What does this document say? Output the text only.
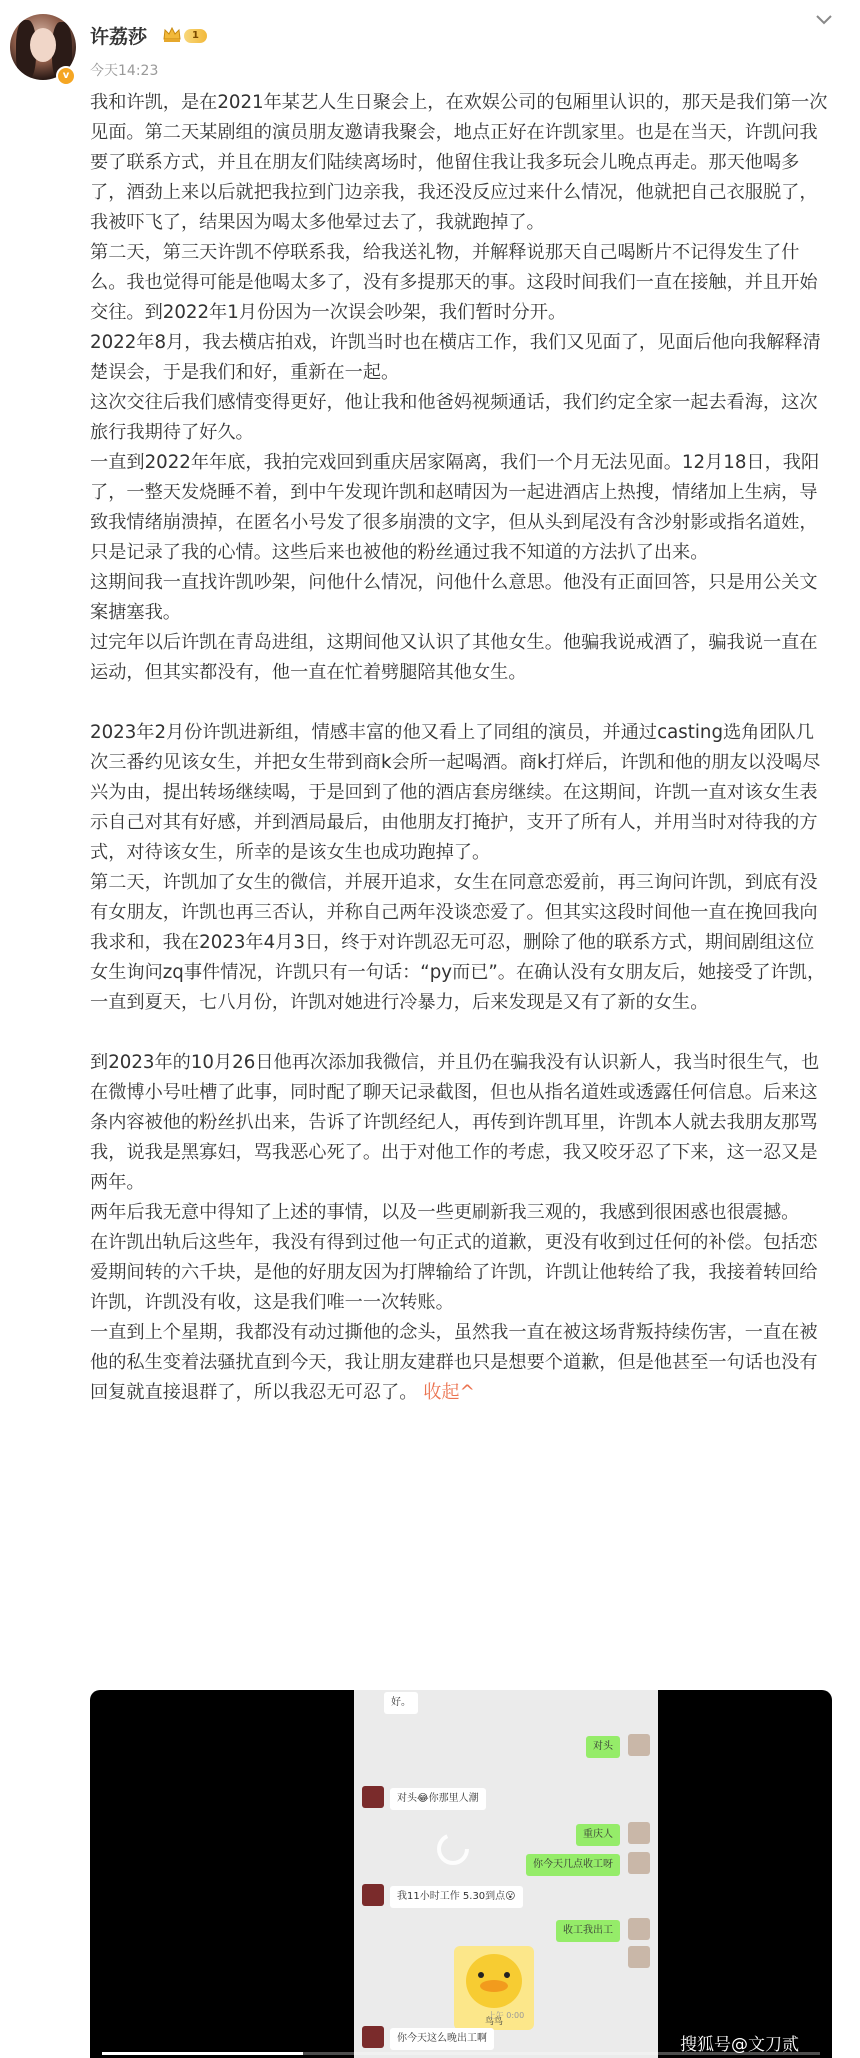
v
许荔莎	1
今天14:23

我和许凯，是在2021年某艺人生日聚会上，在欢娱公司的包厢里认识的，那天是我们第一次见面。第二天某剧组的演员朋友邀请我聚会，地点正好在许凯家里。也是在当天，许凯问我要了联系方式，并且在朋友们陆续离场时，他留住我让我多玩会儿晚点再走。那天他喝多了，酒劲上来以后就把我拉到门边亲我，我还没反应过来什么情况，他就把自己衣服脱了，我被吓飞了，结果因为喝太多他晕过去了，我就跑掉了。

第二天，第三天许凯不停联系我，给我送礼物，并解释说那天自己喝断片不记得发生了什么。我也觉得可能是他喝太多了，没有多提那天的事。这段时间我们一直在接触，并且开始交往。到2022年1月份因为一次误会吵架，我们暂时分开。

2022年8月，我去横店拍戏，许凯当时也在横店工作，我们又见面了，见面后他向我解释清楚误会，于是我们和好，重新在一起。

这次交往后我们感情变得更好，他让我和他爸妈视频通话，我们约定全家一起去看海，这次旅行我期待了好久。

一直到2022年年底，我拍完戏回到重庆居家隔离，我们一个月无法见面。12月18日，我阳了，一整天发烧睡不着，到中午发现许凯和赵晴因为一起进酒店上热搜，情绪加上生病，导致我情绪崩溃掉，在匿名小号发了很多崩溃的文字，但从头到尾没有含沙射影或指名道姓，只是记录了我的心情。这些后来也被他的粉丝通过我不知道的方法扒了出来。

这期间我一直找许凯吵架，问他什么情况，问他什么意思。他没有正面回答，只是用公关文案搪塞我。

过完年以后许凯在青岛进组，这期间他又认识了其他女生。他骗我说戒酒了，骗我说一直在运动，但其实都没有，他一直在忙着劈腿陪其他女生。

2023年2月份许凯进新组，情感丰富的他又看上了同组的演员，并通过casting选角团队几次三番约见该女生，并把女生带到商k会所一起喝酒。商k打烊后，许凯和他的朋友以没喝尽兴为由，提出转场继续喝，于是回到了他的酒店套房继续。在这期间，许凯一直对该女生表示自己对其有好感，并到酒局最后，由他朋友打掩护，支开了所有人，并用当时对待我的方式，对待该女生，所幸的是该女生也成功跑掉了。

第二天，许凯加了女生的微信，并展开追求，女生在同意恋爱前，再三询问许凯，到底有没有女朋友，许凯也再三否认，并称自己两年没谈恋爱了。但其实这段时间他一直在挽回我向我求和，我在2023年4月3日，终于对许凯忍无可忍，删除了他的联系方式，期间剧组这位女生询问zq事件情况，许凯只有一句话：“py而已”。在确认没有女朋友后，她接受了许凯，一直到夏天，七八月份，许凯对她进行冷暴力，后来发现是又有了新的女生。

到2023年的10月26日他再次添加我微信，并且仍在骗我没有认识新人，我当时很生气，也在微博小号吐槽了此事，同时配了聊天记录截图，但也从指名道姓或透露任何信息。后来这条内容被他的粉丝扒出来，告诉了许凯经纪人，再传到许凯耳里，许凯本人就去我朋友那骂我，说我是黑寡妇，骂我恶心死了。出于对他工作的考虑，我又咬牙忍了下来，这一忍又是两年。

两年后我无意中得知了上述的事情，以及一些更刷新我三观的，我感到很困惑也很震撼。

在许凯出轨后这些年，我没有得到过他一句正式的道歉，更没有收到过任何的补偿。包括恋爱期间转的六千块，是他的好朋友因为打牌输给了许凯，许凯让他转给了我，我接着转回给许凯，许凯没有收，这是我们唯一一次转账。

一直到上个星期，我都没有动过撕他的念头，虽然我一直在被这场背叛持续伤害，一直在被他的私生变着法骚扰直到今天，我让朋友建群也只是想要个道歉，但是他甚至一句话也没有回复就直接退群了，所以我忍无可忍了。 收起^

好。
对头
对头😂你那里人潮
重庆人
你今天几点收工呀
我11小时工作 5.30到点😮
收工我出工
鸟鸟
上午 0:00
你今天这么晚出工啊	搜狐号@文刀贰
